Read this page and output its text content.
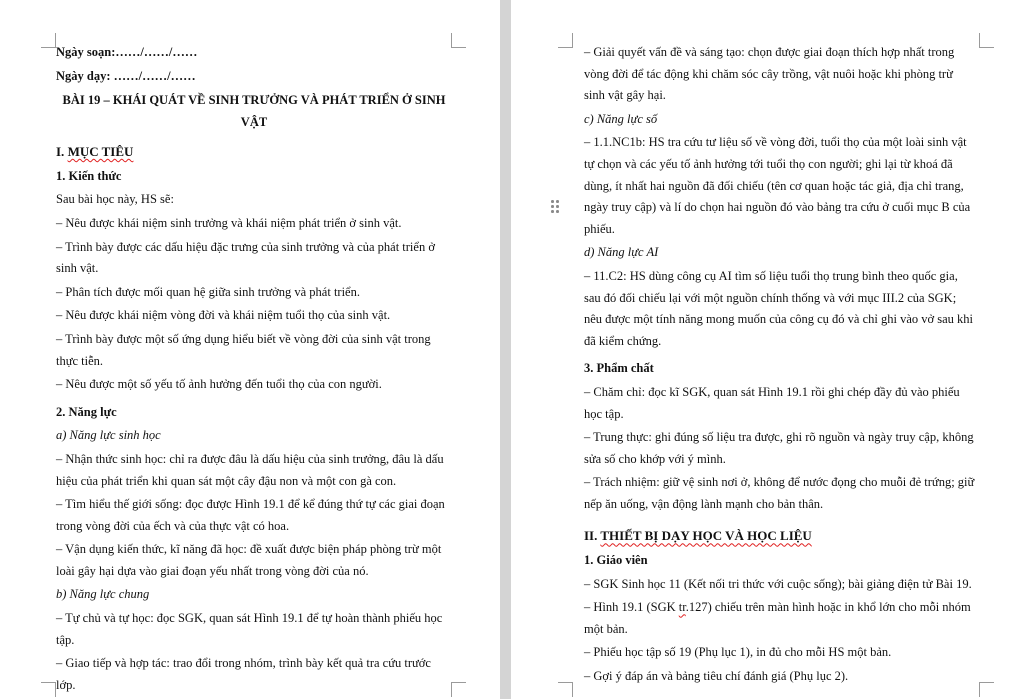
Ngày soạn:……/……/……

Ngày dạy: ……/……/……

BÀI 19 – KHÁI QUÁT VỀ SINH TRƯỞNG VÀ PHÁT TRIỂN Ở SINH VẬT

I. MỤC TIÊU

1. Kiến thức

Sau bài học này, HS sẽ:

– Nêu được khái niệm sinh trưởng và khái niệm phát triển ở sinh vật.

– Trình bày được các dấu hiệu đặc trưng của sinh trưởng và của phát triển ở sinh vật.

– Phân tích được mối quan hệ giữa sinh trưởng và phát triển.

– Nêu được khái niệm vòng đời và khái niệm tuổi thọ của sinh vật.

– Trình bày được một số ứng dụng hiểu biết về vòng đời của sinh vật trong thực tiễn.

– Nêu được một số yếu tố ảnh hưởng đến tuổi thọ của con người.

2. Năng lực

a) Năng lực sinh học

– Nhận thức sinh học: chỉ ra được đâu là dấu hiệu của sinh trưởng, đâu là dấu hiệu của phát triển khi quan sát một cây đậu non và một con gà con.

– Tìm hiểu thế giới sống: đọc được Hình 19.1 để kể đúng thứ tự các giai đoạn trong vòng đời của ếch và của thực vật có hoa.

– Vận dụng kiến thức, kĩ năng đã học: đề xuất được biện pháp phòng trừ một loài gây hại dựa vào giai đoạn yếu nhất trong vòng đời của nó.

b) Năng lực chung

– Tự chủ và tự học: đọc SGK, quan sát Hình 19.1 để tự hoàn thành phiếu học tập.

– Giao tiếp và hợp tác: trao đổi trong nhóm, trình bày kết quả tra cứu trước lớp.

– Giải quyết vấn đề và sáng tạo: chọn được giai đoạn thích hợp nhất trong vòng đời để tác động khi chăm sóc cây trồng, vật nuôi hoặc khi phòng trừ sinh vật gây hại.

c) Năng lực số

– 1.1.NC1b: HS tra cứu tư liệu số về vòng đời, tuổi thọ của một loài sinh vật tự chọn và các yếu tố ảnh hưởng tới tuổi thọ con người; ghi lại từ khoá đã dùng, ít nhất hai nguồn đã đối chiếu (tên cơ quan hoặc tác giả, địa chỉ trang, ngày truy cập) và lí do chọn hai nguồn đó vào bảng tra cứu ở cuối mục B của phiếu.

d) Năng lực AI

– 11.C2: HS dùng công cụ AI tìm số liệu tuổi thọ trung bình theo quốc gia, sau đó đối chiếu lại với một nguồn chính thống và với mục III.2 của SGK; nêu được một tính năng mong muốn của công cụ đó và chỉ ghi vào vở sau khi đã kiểm chứng.

3. Phẩm chất

– Chăm chỉ: đọc kĩ SGK, quan sát Hình 19.1 rồi ghi chép đầy đủ vào phiếu học tập.

– Trung thực: ghi đúng số liệu tra được, ghi rõ nguồn và ngày truy cập, không sửa số cho khớp với ý mình.

– Trách nhiệm: giữ vệ sinh nơi ở, không để nước đọng cho muỗi đẻ trứng; giữ nếp ăn uống, vận động lành mạnh cho bản thân.

II. THIẾT BỊ DẠY HỌC VÀ HỌC LIỆU

1. Giáo viên

– SGK Sinh học 11 (Kết nối tri thức với cuộc sống); bài giảng điện tử Bài 19.

– Hình 19.1 (SGK tr.127) chiếu trên màn hình hoặc in khổ lớn cho mỗi nhóm một bản.

– Phiếu học tập số 19 (Phụ lục 1), in đủ cho mỗi HS một bản.

– Gợi ý đáp án và bảng tiêu chí đánh giá (Phụ lục 2).
